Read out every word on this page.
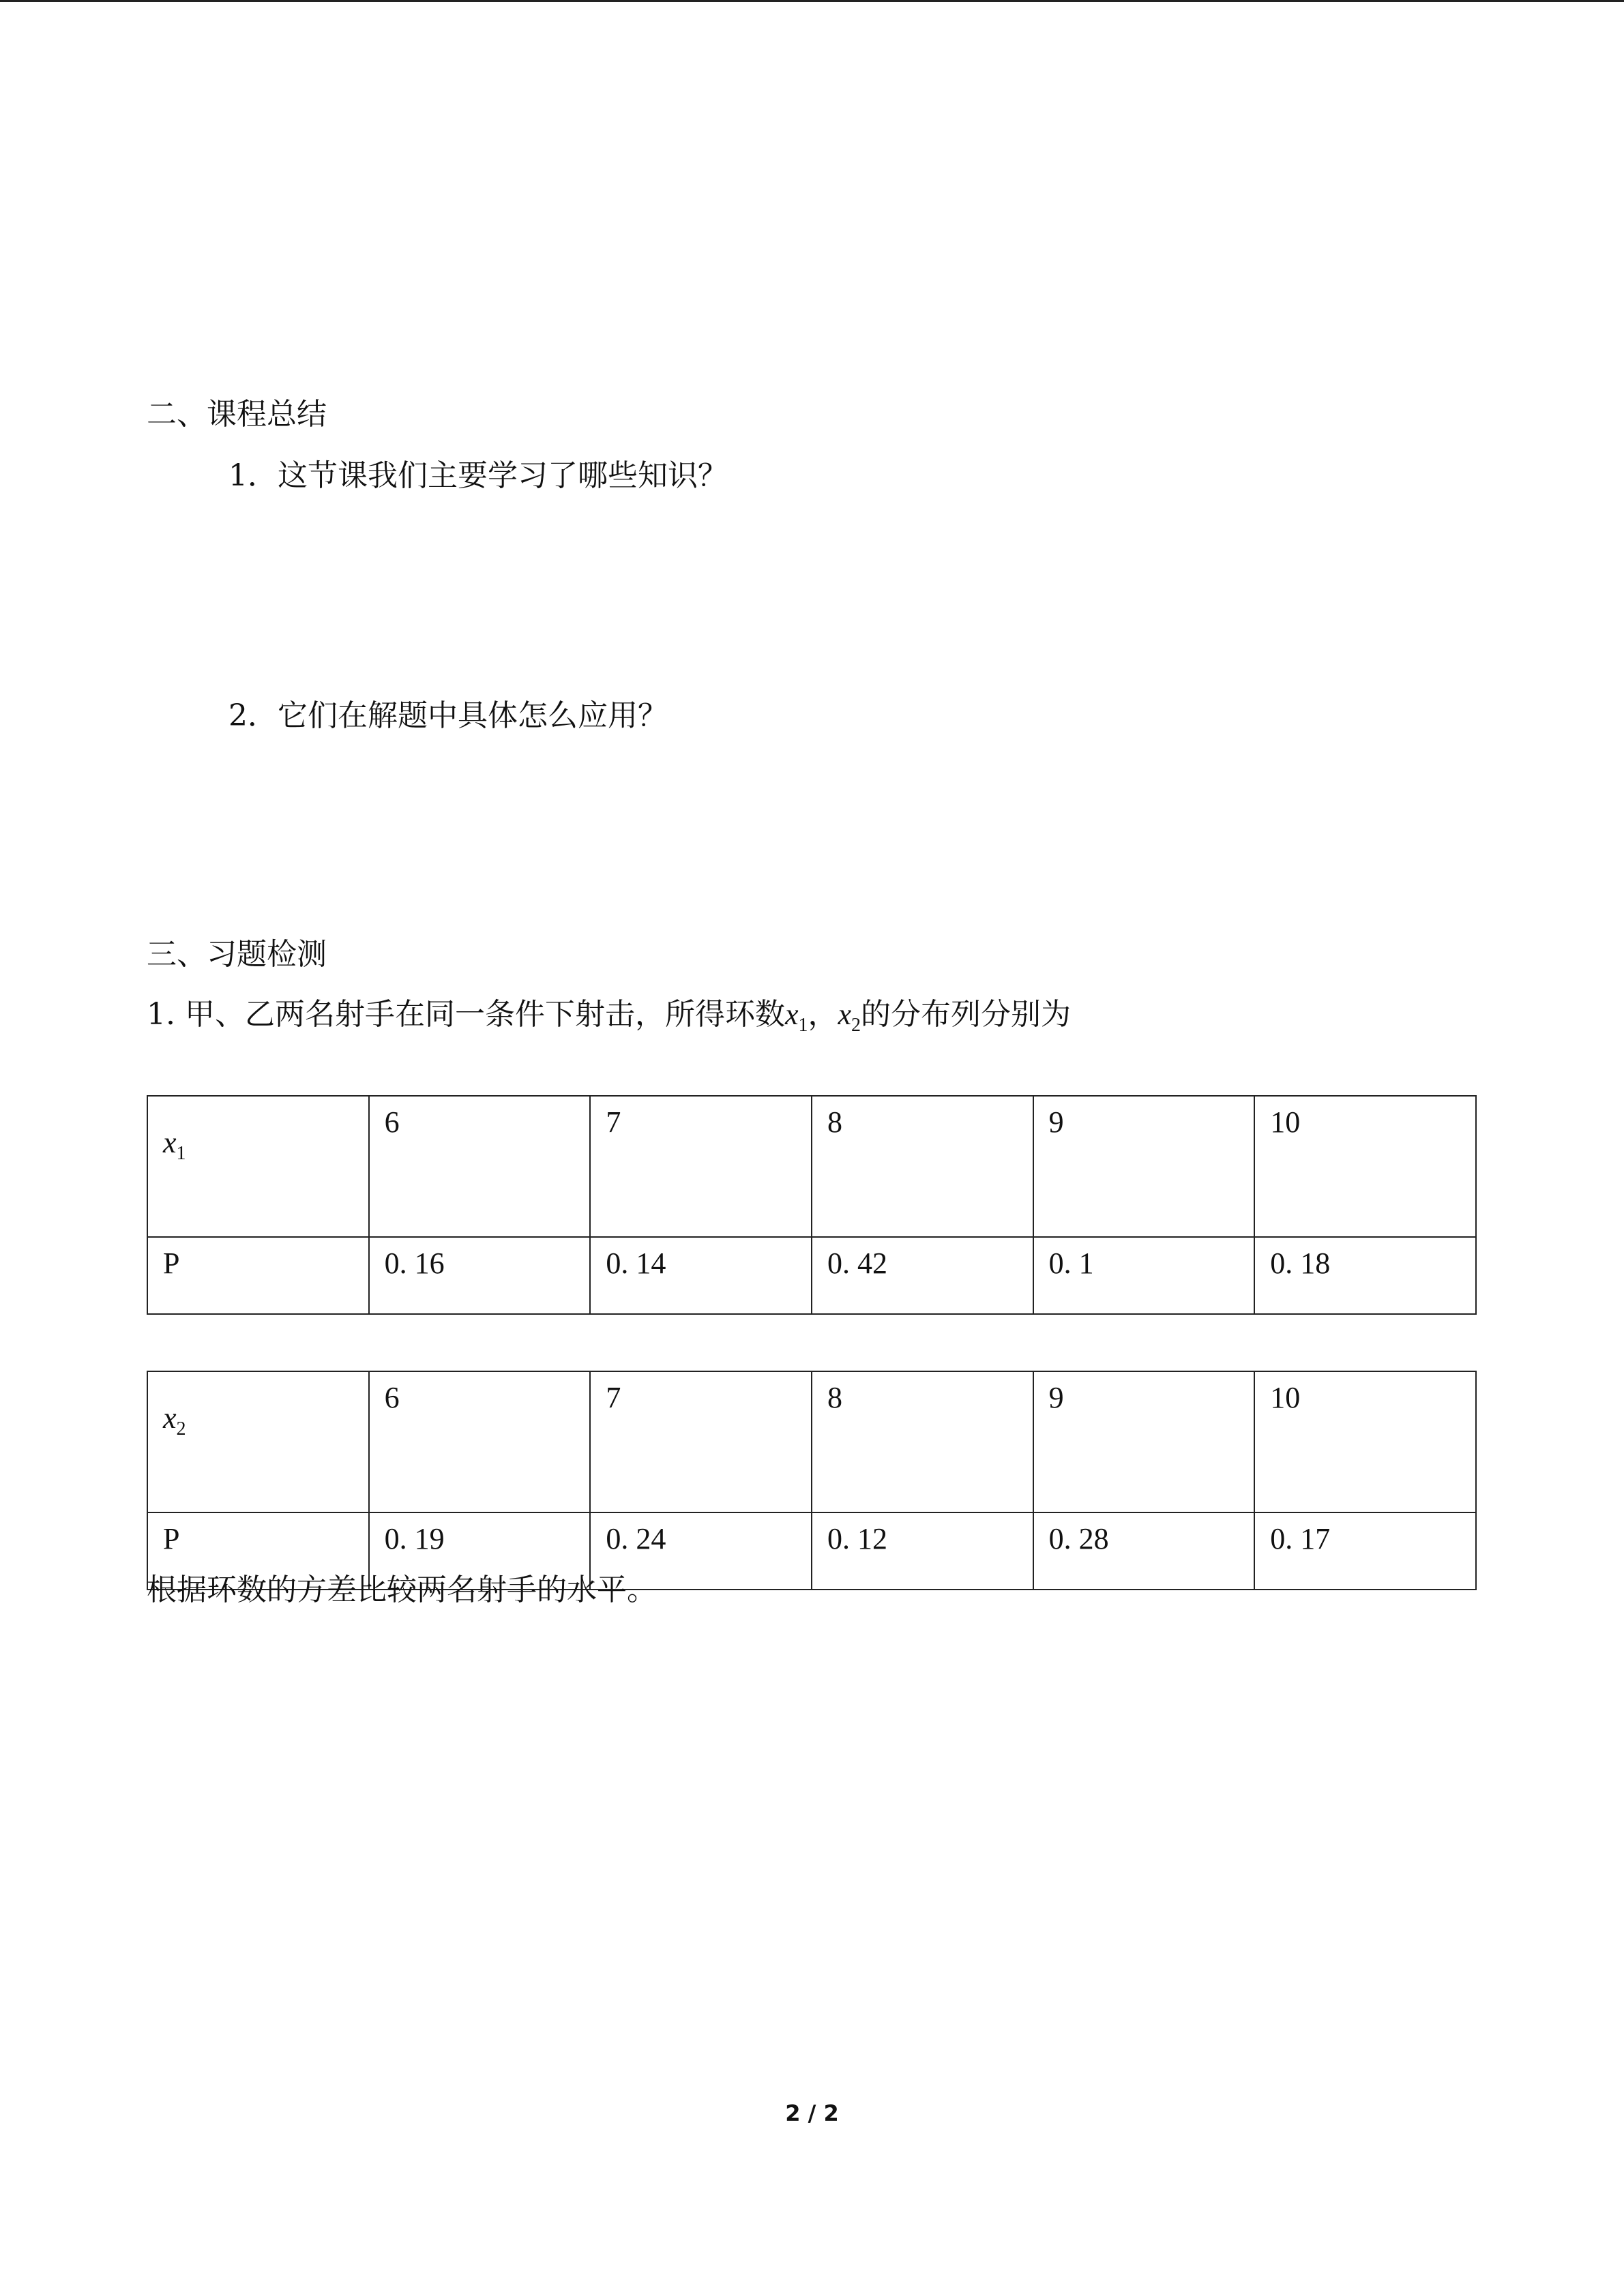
二、课程总结
1．这节课我们主要学习了哪些知识？
2．它们在解题中具体怎么应用？
三、习题检测
1. 甲、乙两名射手在同一条件下射击，所得环数$x_1$，$x_2$的分布列分别为
$x_1$	6	7	8	9	10
P	0. 16	0. 14	0. 42	0. 1	0. 18
$x_2$	6	7	8	9	10
P	0. 19	0. 24	0. 12	0. 28	0. 17
根据环数的方差比较两名射手的水平。
2 / 2
